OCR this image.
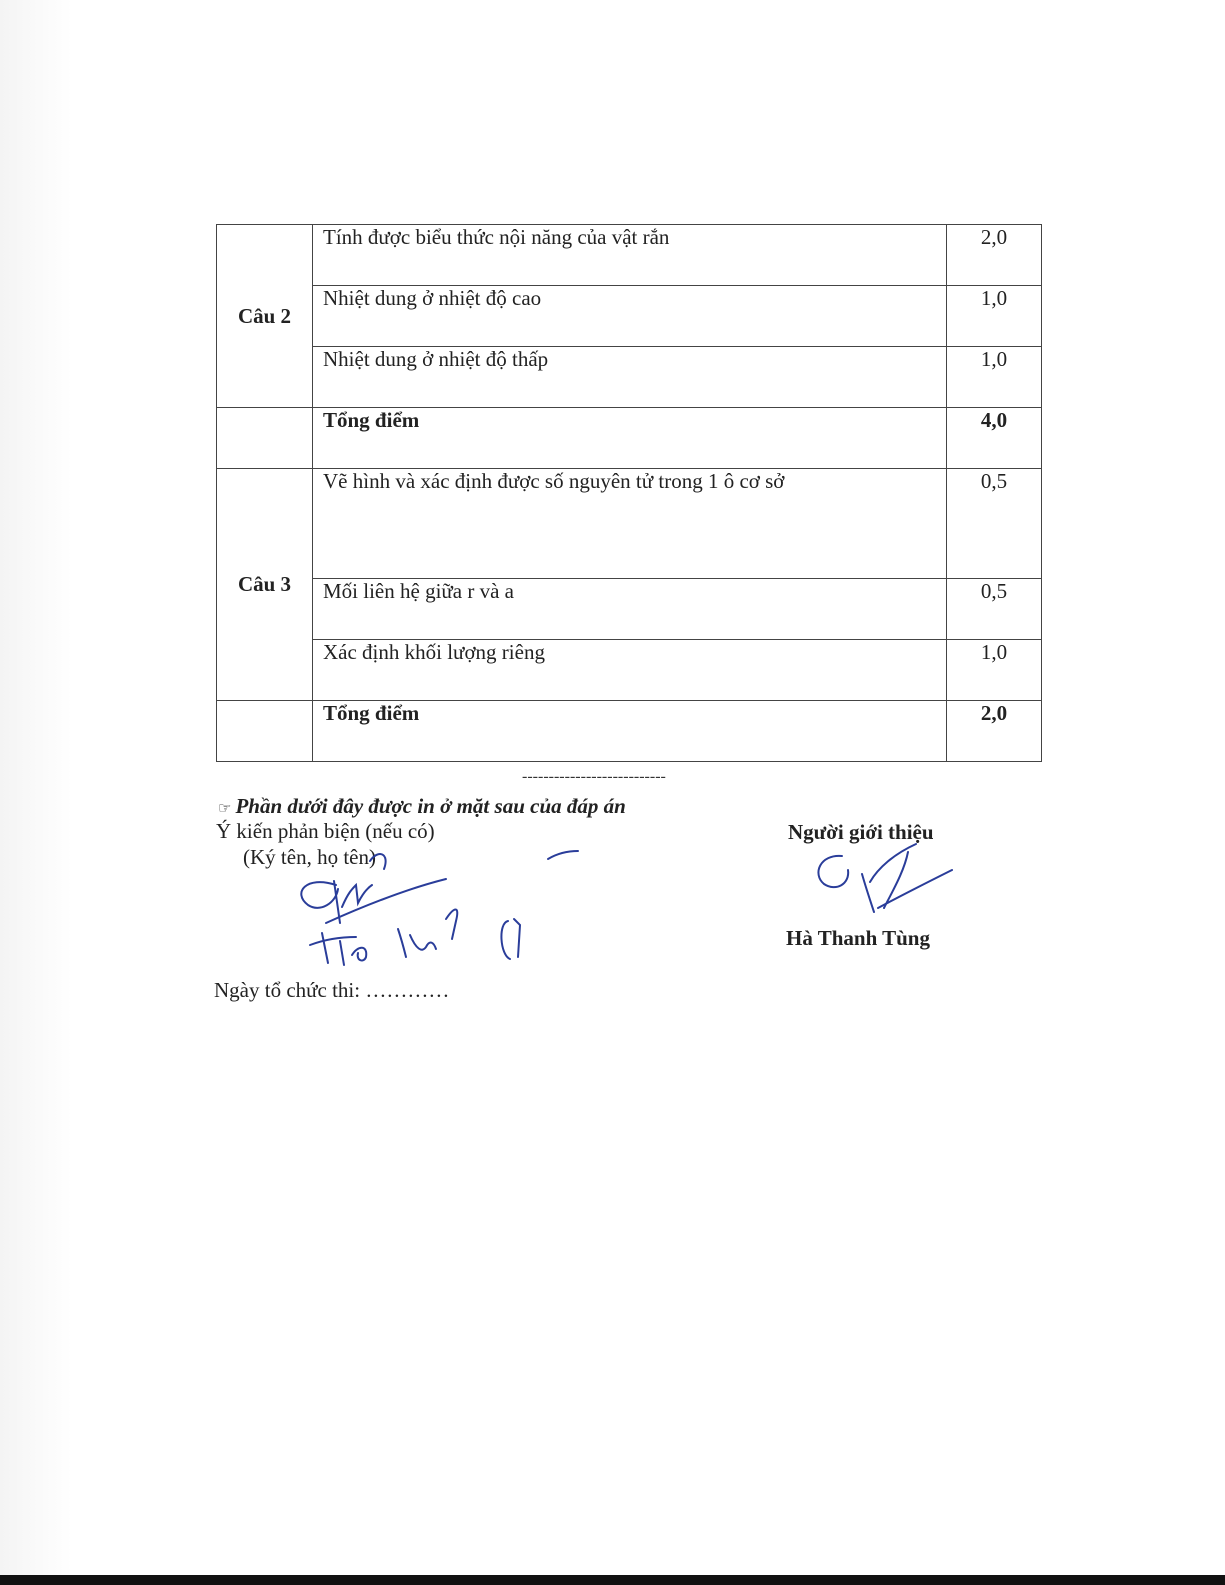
Câu 2	Tính được biểu thức nội năng của vật rắn	2,0
	Nhiệt dung ở nhiệt độ cao	1,0
	Nhiệt dung ở nhiệt độ thấp	1,0
	Tổng điểm	4,0
Câu 3	Vẽ hình và xác định được số nguyên tử trong 1 ô cơ sở	0,5
	Mối liên hệ giữa r và a	0,5
	Xác định khối lượng riêng	1,0
	Tổng điểm	2,0
---------------------------
☞ Phần dưới đây được in ở mặt sau của đáp án
Ý kiến phản biện (nếu có)
(Ký tên, họ tên)
Người giới thiệu
Hà Thanh Tùng
Ngày tổ chức thi: …………
